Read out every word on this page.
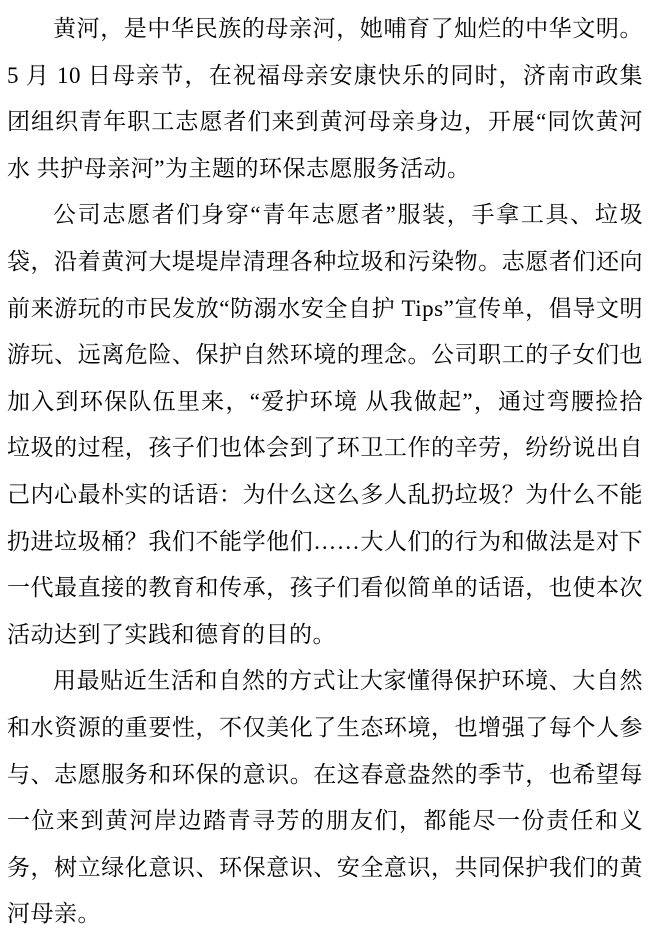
黄河，是中华民族的母亲河，她哺育了灿烂的中华文明。5 月 10 日母亲节，在祝福母亲安康快乐的同时，济南市政集团组织青年职工志愿者们来到黄河母亲身边，开展“同饮黄河水 共护母亲河”为主题的环保志愿服务活动。

公司志愿者们身穿“青年志愿者”服装，手拿工具、垃圾袋，沿着黄河大堤堤岸清理各种垃圾和污染物。志愿者们还向前来游玩的市民发放“防溺水安全自护 Tips”宣传单，倡导文明游玩、远离危险、保护自然环境的理念。公司职工的子女们也加入到环保队伍里来，“爱护环境 从我做起”，通过弯腰捡拾垃圾的过程，孩子们也体会到了环卫工作的辛劳，纷纷说出自己内心最朴实的话语：为什么这么多人乱扔垃圾？为什么不能扔进垃圾桶？我们不能学他们……大人们的行为和做法是对下一代最直接的教育和传承，孩子们看似简单的话语，也使本次活动达到了实践和德育的目的。

用最贴近生活和自然的方式让大家懂得保护环境、大自然和水资源的重要性，不仅美化了生态环境，也增强了每个人参与、志愿服务和环保的意识。在这春意盎然的季节，也希望每一位来到黄河岸边踏青寻芳的朋友们，都能尽一份责任和义务，树立绿化意识、环保意识、安全意识，共同保护我们的黄河母亲。
